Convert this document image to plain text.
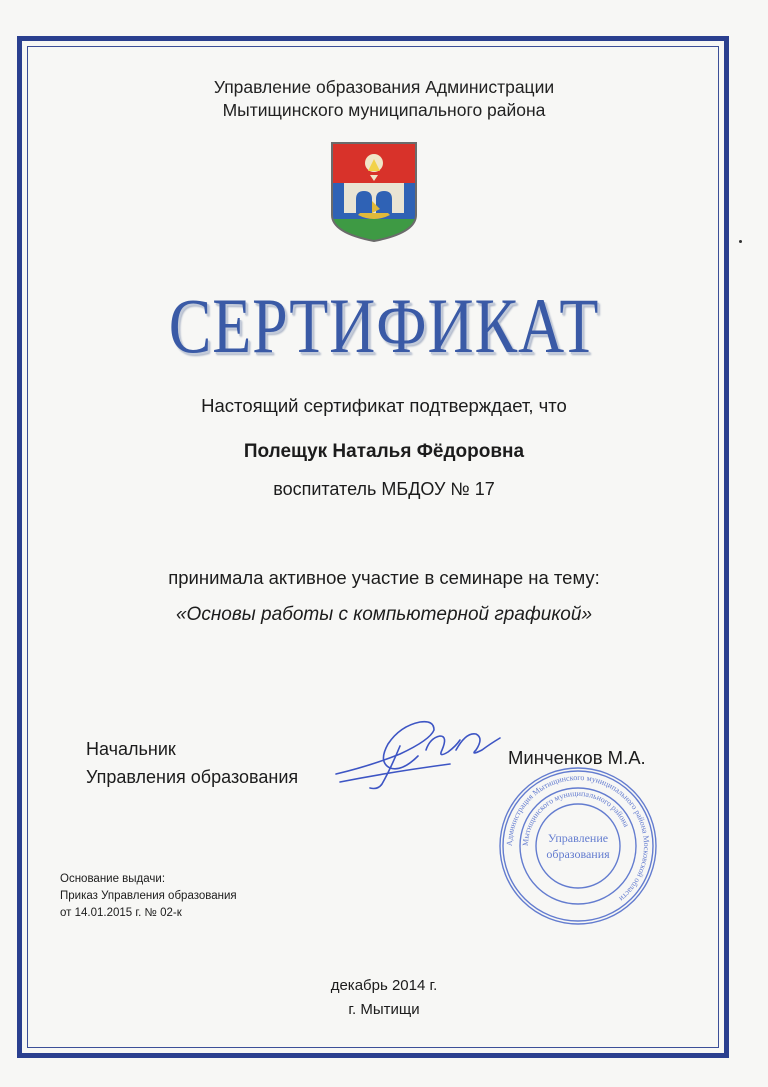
Управление образования Администрации
Мытищинского муниципального района
СЕРТИФИКАТ
Настоящий сертификат подтверждает, что
Полещук Наталья Фёдоровна
воспитатель МБДОУ № 17
принимала активное участие в семинаре на тему:
«Основы работы с компьютерной графикой»
Начальник
Управления образования
Минченков М.А.
Администрация Мытищинского муниципального района Московской области
Мытищинского муниципального района
Управление
образования
Основание выдачи:
Приказ Управления образования
от 14.01.2015 г. № 02-к
декабрь 2014 г.
г. Мытищи
